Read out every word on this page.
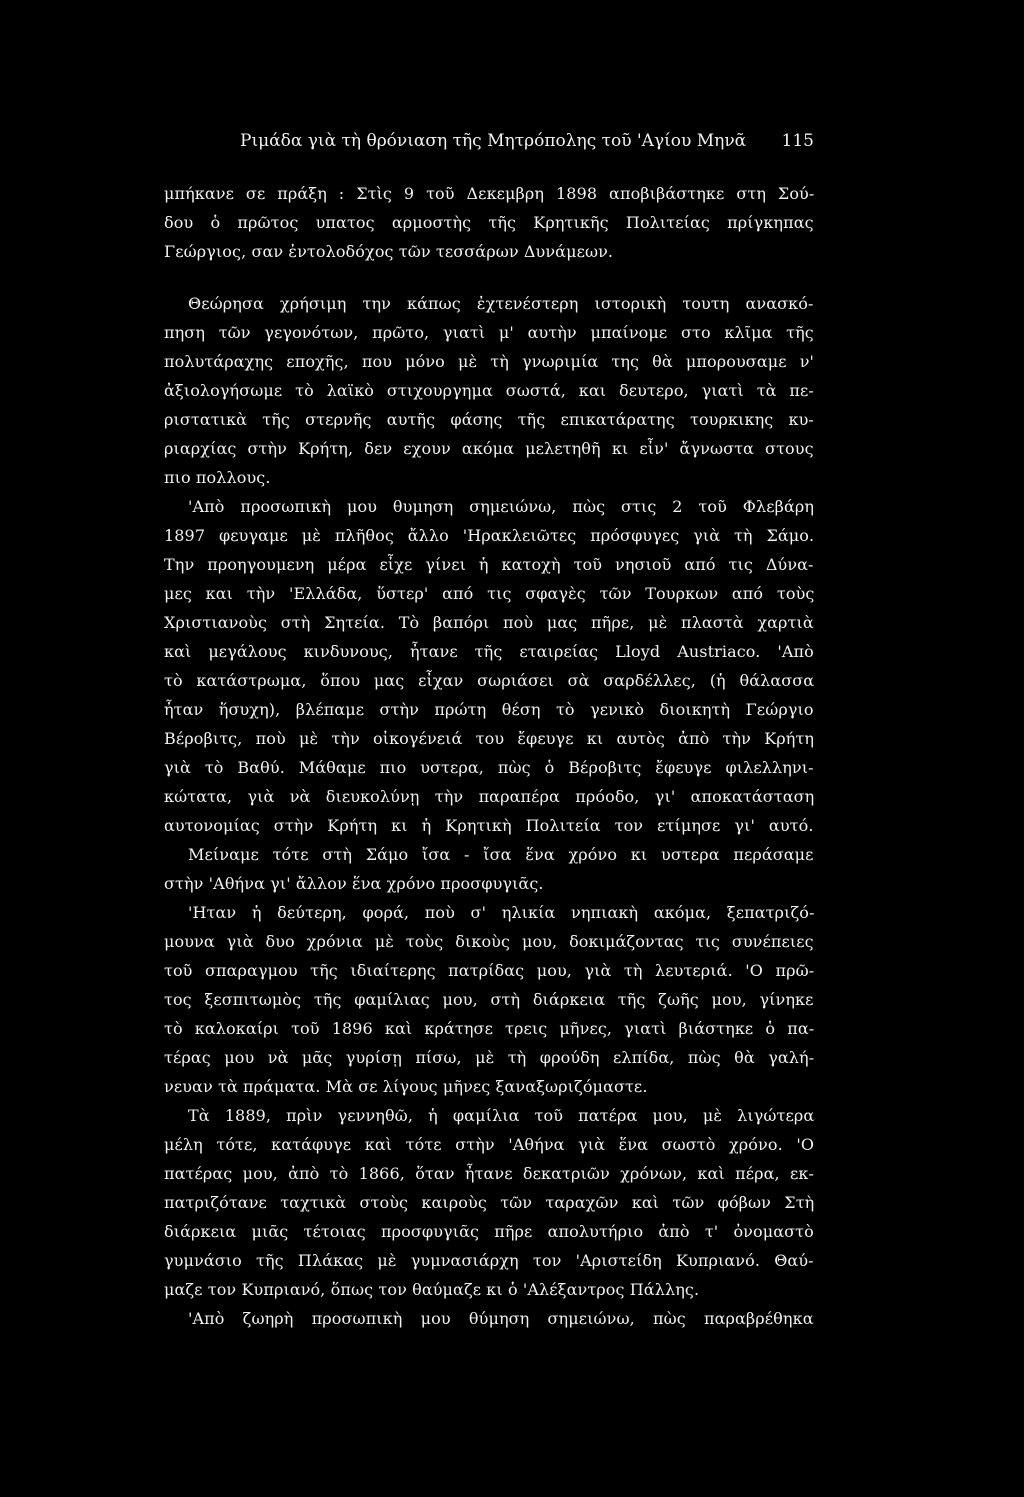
Ριμάδα γιὰ τὴ θρόνιαση τῆς Μητρόπολης τοῦ 'Αγίου Μηνᾶ 115
μπήκανε σε πράξη : Στὶς 9 τοῦ Δεκεμβρη 1898 αποβιβάστηκε στη Σού-
δου ὁ πρῶτος υπατος αρμοστὴς τῆς Κρητικῆς Πολιτείας πρίγκηπας
Γεώργιος, σαν ἐντολοδόχος τῶν τεσσάρων Δυνάμεων.
Θεώρησα χρήσιμη την κάπως ἐχτενέστερη ιστορικὴ τουτη ανασκό-
πηση τῶν γεγονότων, πρῶτο, γιατὶ μ' αυτὴν μπαίνομε στο κλῖμα τῆς
πολυτάραχης εποχῆς, που μόνο μὲ τὴ γνωριμία της θὰ μπορουσαμε ν'
ἀξιολογήσωμε τὸ λαϊκὸ στιχουργημα σωστά, και δευτερο, γιατὶ τὰ πε-
ριστατικὰ τῆς στερνῆς αυτῆς φάσης τῆς επικατάρατης τουρκικης κυ-
ριαρχίας στὴν Κρήτη, δεν εχουν ακόμα μελετηθῆ κι εἶν' ἄγνωστα στους
πιο πολλους.
'Απὸ προσωπικὴ μου θυμηση σημειώνω, πὼς στις 2 τοῦ Φλεβάρη
1897 φευγαμε μὲ πλῆθος ἄλλο 'Ηρακλειῶτες πρόσφυγες γιὰ τὴ Σάμο.
Την προηγουμενη μέρα εἶχε γίνει ἡ κατοχὴ τοῦ νησιοῦ από τις Δύνα-
μες και τὴν 'Ελλάδα, ὕστερ' από τις σφαγὲς τῶν Τουρκων από τοὺς
Χριστιανοὺς στὴ Σητεία. Τὸ βαπόρι ποὺ μας πῆρε, μὲ πλαστὰ χαρτιὰ
καὶ μεγάλους κινδυνους, ἦτανε τῆς εταιρείας Lloyd Austriaco. 'Απὸ
τὸ κατάστρωμα, ὅπου μας εἶχαν σωριάσει σὰ σαρδέλλες, (ἡ θάλασσα
ἦταν ἥσυχη), βλέπαμε στὴν πρώτη θέση τὸ γενικὸ διοικητὴ Γεώργιο
Βέροβιτς, ποὺ μὲ τὴν οἰκογένειά του ἔφευγε κι αυτὸς ἀπὸ τὴν Κρήτη
γιὰ τὸ Βαθύ. Μάθαμε πιο υστερα, πὼς ὁ Βέροβιτς ἔφευγε φιλελληνι-
κώτατα, γιὰ νὰ διευκολύνῃ τὴν παραπέρα πρόοδο, γι' αποκατάσταση
αυτονομίας στὴν Κρήτη κι ἡ Κρητικὴ Πολιτεία τον ετίμησε γι' αυτό.
Μείναμε τότε στὴ Σάμο ἴσα - ἴσα ἕνα χρόνο κι υστερα περάσαμε
στὴν 'Αθήνα γι' ἄλλον ἕνα χρόνο προσφυγιᾶς.
'Ηταν ἡ δεύτερη, φορά, ποὺ σ' ηλικία νηπιακὴ ακόμα, ξεπατριζό-
μουνα γιὰ δυο χρόνια μὲ τοὺς δικοὺς μου, δοκιμάζοντας τις συνέπειες
τοῦ σπαραγμου τῆς ιδιαίτερης πατρίδας μου, γιὰ τὴ λευτεριά. 'Ο πρῶ-
τος ξεσπιτωμὸς τῆς φαμίλιας μου, στὴ διάρκεια τῆς ζωῆς μου, γίνηκε
τὸ καλοκαίρι τοῦ 1896 καὶ κράτησε τρεις μῆνες, γιατὶ βιάστηκε ὁ πα-
τέρας μου νὰ μᾶς γυρίσῃ πίσω, μὲ τὴ φρούδη ελπίδα, πὼς θὰ γαλή-
νευαν τὰ πράματα. Μὰ σε λίγους μῆνες ξαναξωριζόμαστε.
Τὰ 1889, πρὶν γεννηθῶ, ἡ φαμίλια τοῦ πατέρα μου, μὲ λιγώτερα
μέλη τότε, κατάφυγε καὶ τότε στὴν 'Αθήνα γιὰ ἕνα σωστὸ χρόνο. 'Ο
πατέρας μου, ἀπὸ τὸ 1866, ὅταν ἦτανε δεκατριῶν χρόνων, καὶ πέρα, εκ-
πατριζότανε ταχτικὰ στοὺς καιροὺς τῶν ταραχῶν καὶ τῶν φόβων Στὴ
διάρκεια μιᾶς τέτοιας προσφυγιᾶς πῆρε απολυτήριο ἀπὸ τ' ὀνομαστὸ
γυμνάσιο τῆς Πλάκας μὲ γυμνασιάρχη τον 'Αριστείδη Κυπριανό. Θαύ-
μαζε τον Κυπριανό, ὅπως τον θαύμαζε κι ὁ 'Αλέξαντρος Πάλλης.
'Απὸ ζωηρὴ προσωπικὴ μου θύμηση σημειώνω, πὼς παραβρέθηκα
